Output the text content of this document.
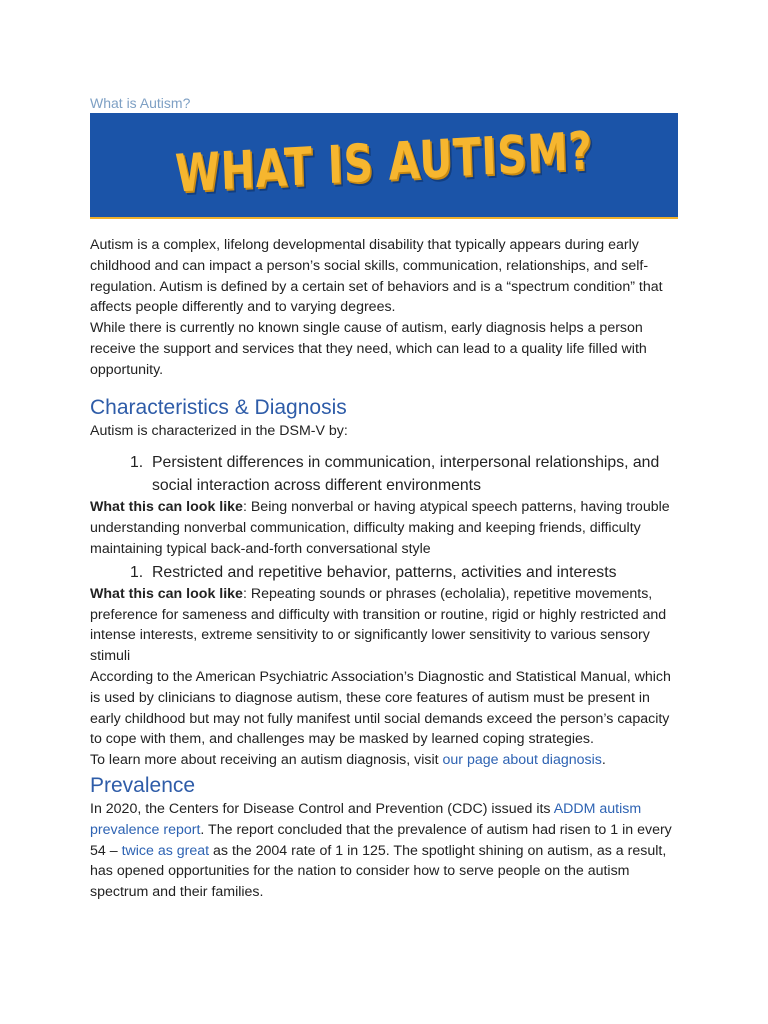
What is Autism?

WHAT IS AUTISM?

Autism is a complex, lifelong developmental disability that typically appears during early childhood and can impact a person’s social skills, communication, relationships, and self-regulation. Autism is defined by a certain set of behaviors and is a “spectrum condition” that affects people differently and to varying degrees.

While there is currently no known single cause of autism, early diagnosis helps a person receive the support and services that they need, which can lead to a quality life filled with opportunity.

Characteristics & Diagnosis

Autism is characterized in the DSM-V by:

1. Persistent differences in communication, interpersonal relationships, and social interaction across different environments

What this can look like: Being nonverbal or having atypical speech patterns, having trouble understanding nonverbal communication, difficulty making and keeping friends, difficulty maintaining typical back-and-forth conversational style

1. Restricted and repetitive behavior, patterns, activities and interests

What this can look like: Repeating sounds or phrases (echolalia), repetitive movements, preference for sameness and difficulty with transition or routine, rigid or highly restricted and intense interests, extreme sensitivity to or significantly lower sensitivity to various sensory stimuli

According to the American Psychiatric Association’s Diagnostic and Statistical Manual, which is used by clinicians to diagnose autism, these core features of autism must be present in early childhood but may not fully manifest until social demands exceed the person’s capacity to cope with them, and challenges may be masked by learned coping strategies.

To learn more about receiving an autism diagnosis, visit our page about diagnosis.

Prevalence

In 2020, the Centers for Disease Control and Prevention (CDC) issued its ADDM autism prevalence report. The report concluded that the prevalence of autism had risen to 1 in every 54 – twice as great as the 2004 rate of 1 in 125. The spotlight shining on autism, as a result, has opened opportunities for the nation to consider how to serve people on the autism spectrum and their families.
